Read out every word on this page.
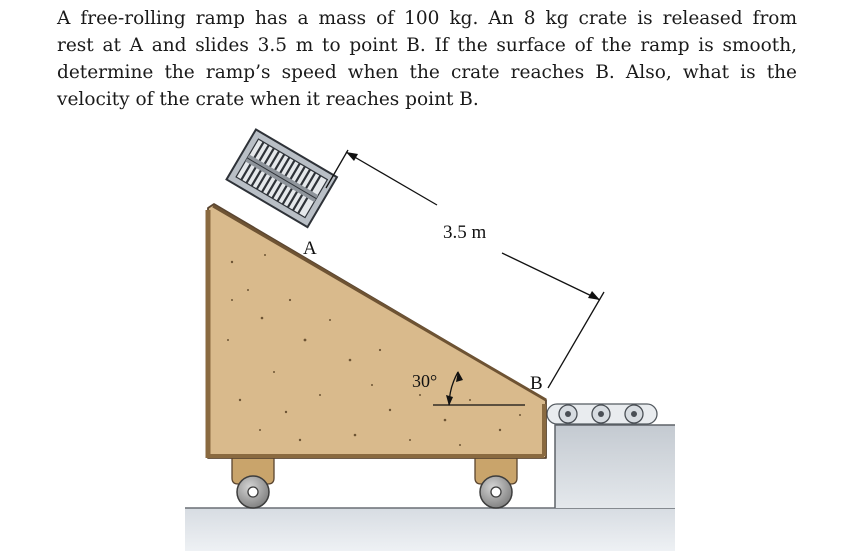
A free-rolling ramp has a mass of 100 kg. An 8 kg crate is released from
rest at A and slides 3.5 m to point B. If the surface of the ramp is smooth,
determine the ramp’s speed when the crate reaches B. Also, what is the
velocity of the crate when it reaches point B.
3.5 m
30°
A
B
